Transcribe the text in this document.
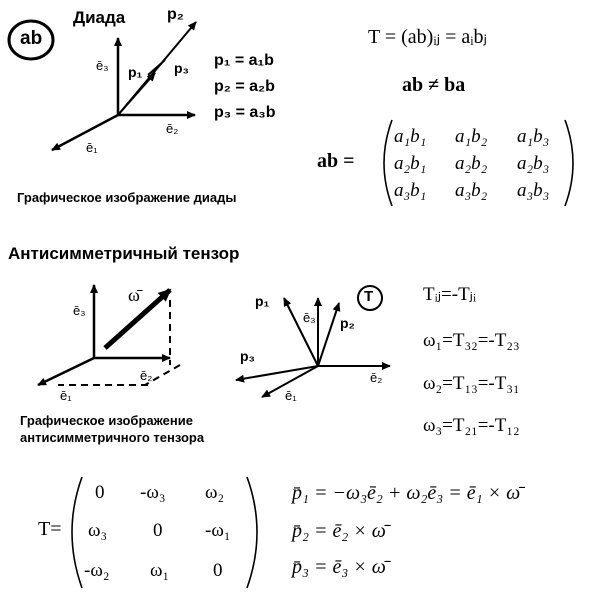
ab
Диада	p₂
p₁ p₃
ē₃
ē₂
ē₁
p₁ = a₁b
p₂ = a₂b
p₃ = a₃b
Графическое изображение диады
T = (ab)ᵢⱼ = aᵢbⱼ
ab ≠ ba
ab =
a₁b₁ a₁b₂ a₁b₃
a₂b₁ a₂b₂ a₂b₃
a₃b₁ a₃b₂ a₃b₃
Антисимметричный тензор
ē₃
ē₂
ē₁
ω̄	p₁
p₂
p₃
ē₃
ē₂
ē₁
T
Графическое изображение
антисимметричного тензора
Tᵢⱼ=-Tⱼᵢ
ω₁=T₃₂=-T₂₃
ω₂=T₁₃=-T₃₁
ω₃=T₂₁=-T₁₂
T=
0 -ω₃ ω₂
ω₃ 0 -ω₁
-ω₂ ω₁ 0
p̄₁ = −ω₃ē₂ + ω₂ē₃ = ē₁ × ω̄
p̄₂ = ē₂ × ω̄
p̄₃ = ē₃ × ω̄
